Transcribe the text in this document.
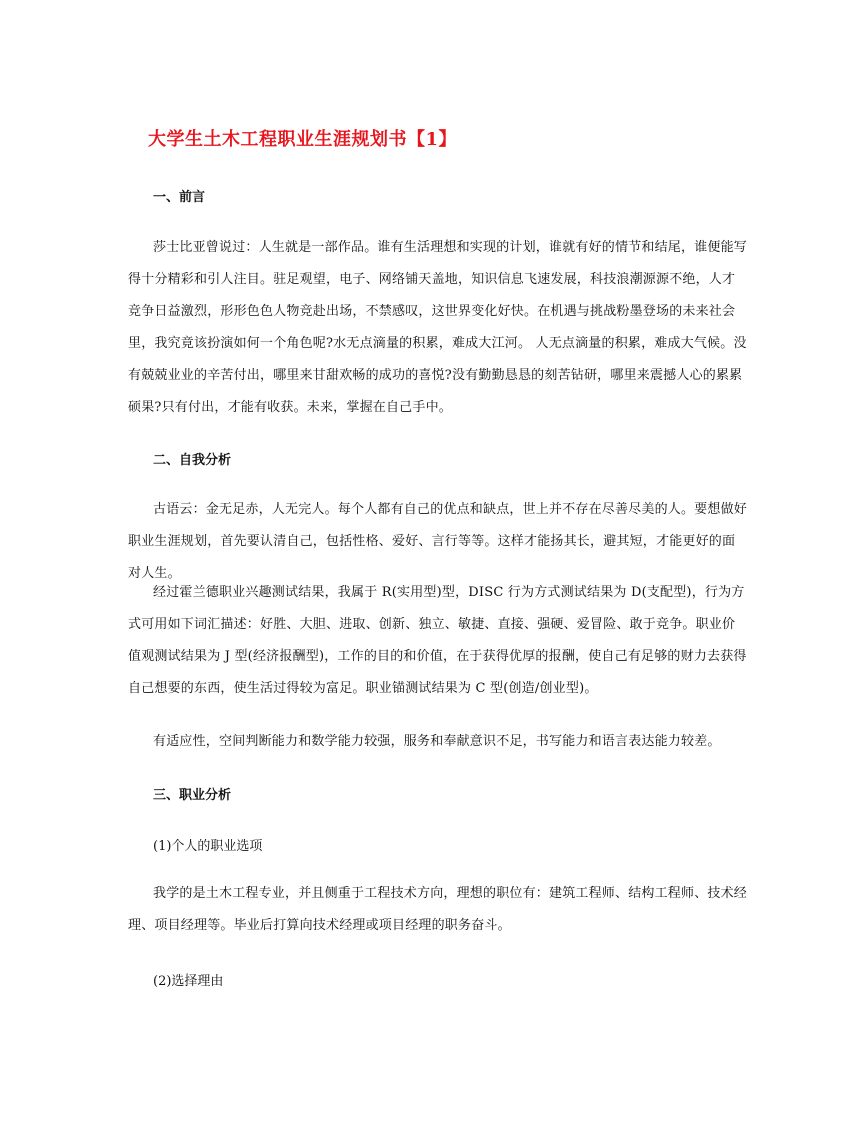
大学生土木工程职业生涯规划书【1】
一、前言
莎士比亚曾说过：人生就是一部作品。谁有生活理想和实现的计划，谁就有好的情节和结尾，谁便能写得十分精彩和引人注目。驻足观望，电子、网络铺天盖地，知识信息飞速发展，科技浪潮源源不绝，人才竞争日益激烈，形形色色人物竞赴出场，不禁感叹，这世界变化好快。在机遇与挑战粉墨登场的未来社会里，我究竟该扮演如何一个角色呢?水无点滴量的积累，难成大江河。 人无点滴量的积累，难成大气候。没有兢兢业业的辛苦付出，哪里来甘甜欢畅的成功的喜悦?没有勤勤恳恳的刻苦钻研，哪里来震撼人心的累累硕果?只有付出，才能有收获。未来，掌握在自己手中。
二、自我分析
古语云：金无足赤，人无完人。每个人都有自己的优点和缺点，世上并不存在尽善尽美的人。要想做好职业生涯规划，首先要认清自己，包括性格、爱好、言行等等。这样才能扬其长，避其短，才能更好的面对人生。
经过霍兰德职业兴趣测试结果，我属于 R(实用型)型，DISC 行为方式测试结果为 D(支配型)，行为方式可用如下词汇描述：好胜、大胆、进取、创新、独立、敏捷、直接、强硬、爱冒险、敢于竞争。职业价值观测试结果为 J 型(经济报酬型)，工作的目的和价值，在于获得优厚的报酬，使自己有足够的财力去获得自己想要的东西，使生活过得较为富足。职业锚测试结果为 C 型(创造/创业型)。
有适应性，空间判断能力和数学能力较强，服务和奉献意识不足，书写能力和语言表达能力较差。
三、职业分析
(1)个人的职业选项
我学的是土木工程专业，并且侧重于工程技术方向，理想的职位有：建筑工程师、结构工程师、技术经理、项目经理等。毕业后打算向技术经理或项目经理的职务奋斗。
(2)选择理由
